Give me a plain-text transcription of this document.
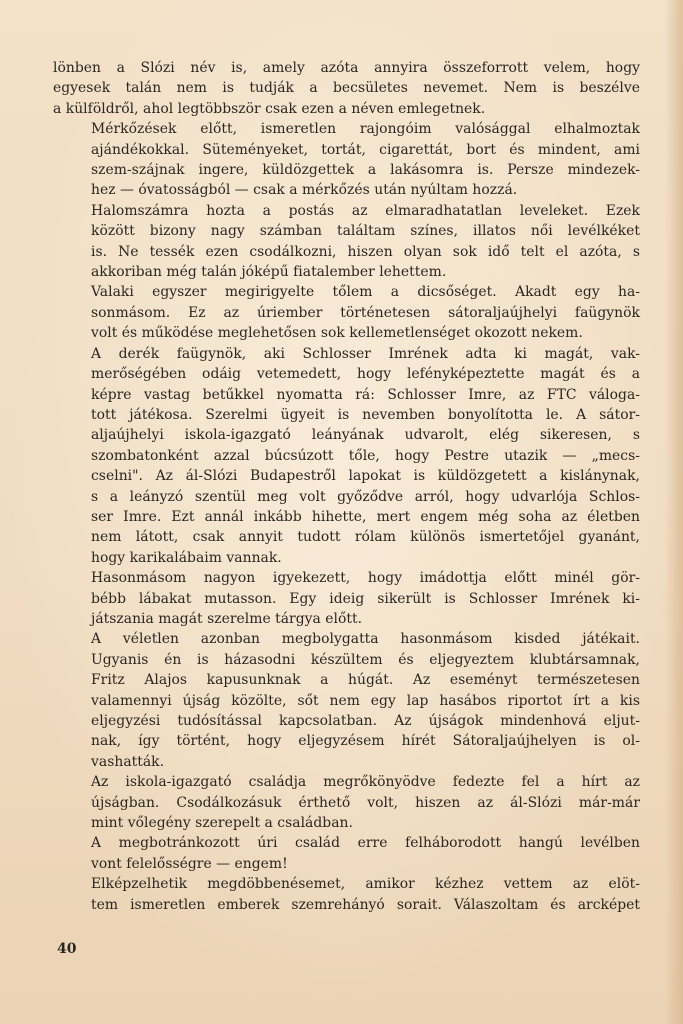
lönben a Slózi név is, amely azóta annyira összeforrott velem, hogy
egyesek talán nem is tudják a becsületes nevemet. Nem is beszélve
a külföldről, ahol legtöbbször csak ezen a néven emlegetnek.

Mérkőzések előtt, ismeretlen rajongóim valósággal elhalmoztak
ajándékokkal. Süteményeket, tortát, cigarettát, bort és mindent, ami
szem-szájnak ingere, küldözgettek a lakásomra is. Persze mindezek-
hez — óvatosságból — csak a mérkőzés után nyúltam hozzá.

Halomszámra hozta a postás az elmaradhatatlan leveleket. Ezek
között bizony nagy számban találtam színes, illatos női levélkéket
is. Ne tessék ezen csodálkozni, hiszen olyan sok idő telt el azóta, s
akkoriban még talán jóképű fiatalember lehettem.

Valaki egyszer megirigyelte tőlem a dicsőséget. Akadt egy ha-
sonmásom. Ez az úriember történetesen sátoraljaújhelyi faügynök
volt és működése meglehetősen sok kellemetlenséget okozott nekem.

A derék faügynök, aki Schlosser Imrének adta ki magát, vak-
merőségében odáig vetemedett, hogy lefényképeztette magát és a
képre vastag betűkkel nyomatta rá: Schlosser Imre, az FTC váloga-
tott játékosa. Szerelmi ügyeit is nevemben bonyolította le. A sátor-
aljaújhelyi iskola-igazgató leányának udvarolt, elég sikeresen, s
szombatonként azzal búcsúzott tőle, hogy Pestre utazik — „mecs-
cselni". Az ál-Slózi Budapestről lapokat is küldözgetett a kislánynak,
s a leányzó szentül meg volt győződve arról, hogy udvarlója Schlos-
ser Imre. Ezt annál inkább hihette, mert engem még soha az életben
nem látott, csak annyit tudott rólam különös ismertetőjel gyanánt,
hogy karikalábaim vannak.

Hasonmásom nagyon igyekezett, hogy imádottja előtt minél gör-
bébb lábakat mutasson. Egy ideig sikerült is Schlosser Imrének ki-
játszania magát szerelme tárgya előtt.

A véletlen azonban megbolygatta hasonmásom kisded játékait.
Ugyanis én is házasodni készültem és eljegyeztem klubtársamnak,
Fritz Alajos kapusunknak a húgát. Az eseményt természetesen
valamennyi újság közölte, sőt nem egy lap hasábos riportot írt a kis
eljegyzési tudósítással kapcsolatban. Az újságok mindenhová eljut-
nak, így történt, hogy eljegyzésem hírét Sátoraljaújhelyen is ol-
vashatták.

Az iskola-igazgató családja megrőkönyödve fedezte fel a hírt az
újságban. Csodálkozásuk érthető volt, hiszen az ál-Slózi már-már
mint vőlegény szerepelt a családban.

A megbotránkozott úri család erre felháborodott hangú levélben
vont felelősségre — engem!

Elképzelhetik megdöbbenésemet, amikor kézhez vettem az elöt-
tem ismeretlen emberek szemrehányó sorait. Válaszoltam és arcképet

40
